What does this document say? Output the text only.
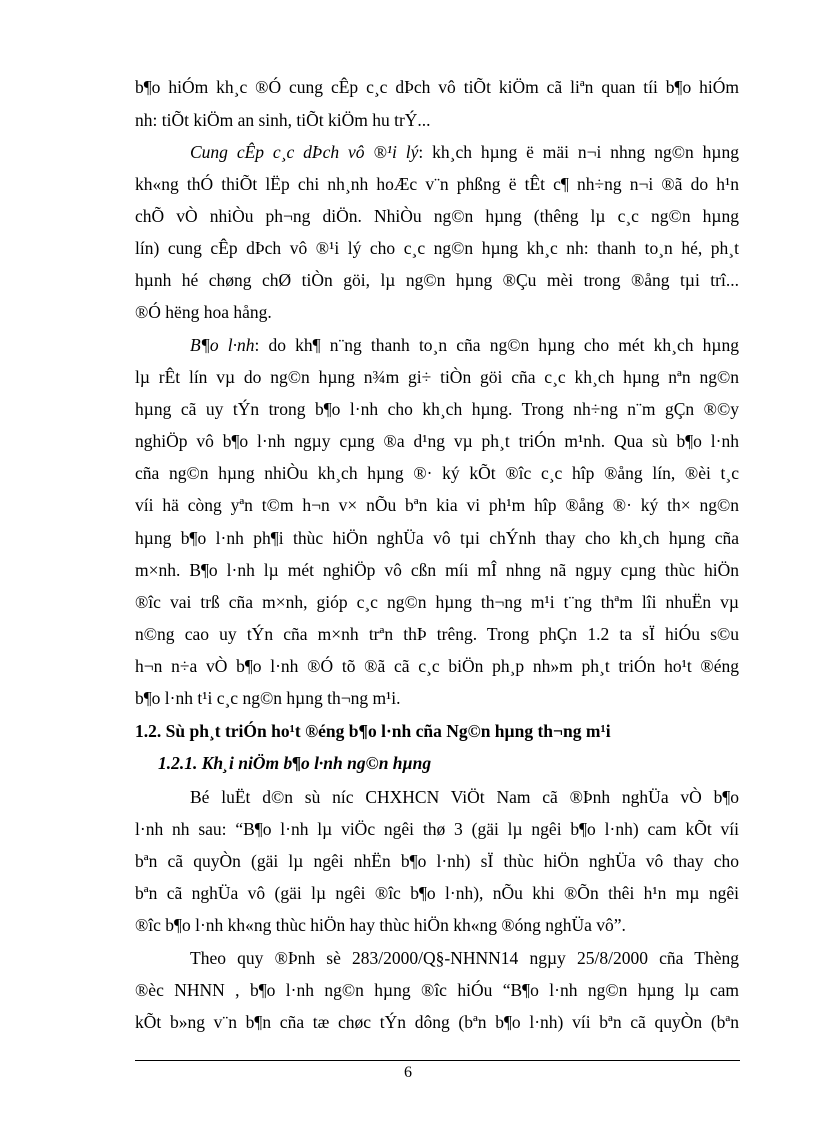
b¶o hiÓm kh¸c ®Ó cung cÊp c¸c dÞch vô tiÕt kiÖm cã liªn quan tíi b¶o hiÓm
nh: tiÕt kiÖm an sinh, tiÕt kiÖm hu trÝ...
Cung cÊp c¸c dÞch vô ®¹i lý: kh¸ch hµng ë mäi n¬i nhng ng©n hµng
kh«ng thÓ thiÕt lËp chi nh¸nh hoÆc v¨n phßng ë tÊt c¶ nh÷ng n¬i ®ã do h¹n
chÕ vÒ nhiÒu ph¬ng diÖn. NhiÒu ng©n hµng (thêng lµ c¸c ng©n hµng
lín) cung cÊp dÞch vô ®¹i lý cho c¸c ng©n hµng kh¸c nh: thanh to¸n hé, ph¸t
hµnh hé chøng chØ tiÒn göi, lµ ng©n hµng ®Çu mèi trong ®ång tµi trî...
®Ó hëng hoa hång.
B¶o l·nh: do kh¶ n¨ng thanh to¸n cña ng©n hµng cho mét kh¸ch hµng
lµ rÊt lín vµ do ng©n hµng n¾m gi÷ tiÒn göi cña c¸c kh¸ch hµng nªn ng©n
hµng cã uy tÝn trong b¶o l·nh cho kh¸ch hµng. Trong nh÷ng n¨m gÇn ®©y
nghiÖp vô b¶o l·nh ngµy cµng ®a d¹ng vµ ph¸t triÓn m¹nh. Qua sù b¶o l·nh
cña ng©n hµng nhiÒu kh¸ch hµng ®· ký kÕt ®îc c¸c hîp ®ång lín, ®èi t¸c
víi hä còng yªn t©m h¬n v× nÕu bªn kia vi ph¹m hîp ®ång ®· ký th× ng©n
hµng b¶o l·nh ph¶i thùc hiÖn nghÜa vô tµi chÝnh thay cho kh¸ch hµng cña
m×nh. B¶o l·nh lµ mét nghiÖp vô cßn míi mÎ nhng nã ngµy cµng thùc hiÖn
®îc vai trß cña m×nh, gióp c¸c ng©n hµng th¬ng m¹i t¨ng thªm lîi nhuËn vµ
n©ng cao uy tÝn cña m×nh trªn thÞ trêng. Trong phÇn 1.2 ta sÏ hiÓu s©u
h¬n n÷a vÒ b¶o l·nh ®Ó tõ ®ã cã c¸c biÖn ph¸p nh»m ph¸t triÓn ho¹t ®éng
b¶o l·nh t¹i c¸c ng©n hµng th¬ng m¹i.
1.2. Sù ph¸t triÓn ho¹t ®éng b¶o l·nh cña Ng©n hµng th¬ng m¹i
1.2.1. Kh¸i niÖm b¶o l·nh ng©n hµng
Bé luËt d©n sù níc CHXHCN ViÖt Nam cã ®Þnh nghÜa vÒ b¶o
l·nh nh sau: “B¶o l·nh lµ viÖc ngêi thø 3 (gäi lµ ngêi b¶o l·nh) cam kÕt víi
bªn cã quyÒn (gäi lµ ngêi nhËn b¶o l·nh) sÏ thùc hiÖn nghÜa vô thay cho
bªn cã nghÜa vô (gäi lµ ngêi ®îc b¶o l·nh), nÕu khi ®Õn thêi h¹n mµ ngêi
®îc b¶o l·nh kh«ng thùc hiÖn hay thùc hiÖn kh«ng ®óng nghÜa vô”.
Theo quy ®Þnh sè 283/2000/Q§-NHNN14 ngµy 25/8/2000 cña Thèng
®èc NHNN , b¶o l·nh ng©n hµng ®îc hiÓu “B¶o l·nh ng©n hµng lµ cam
kÕt b»ng v¨n b¶n cña tæ chøc tÝn dông (bªn b¶o l·nh) víi bªn cã quyÒn (bªn
6
